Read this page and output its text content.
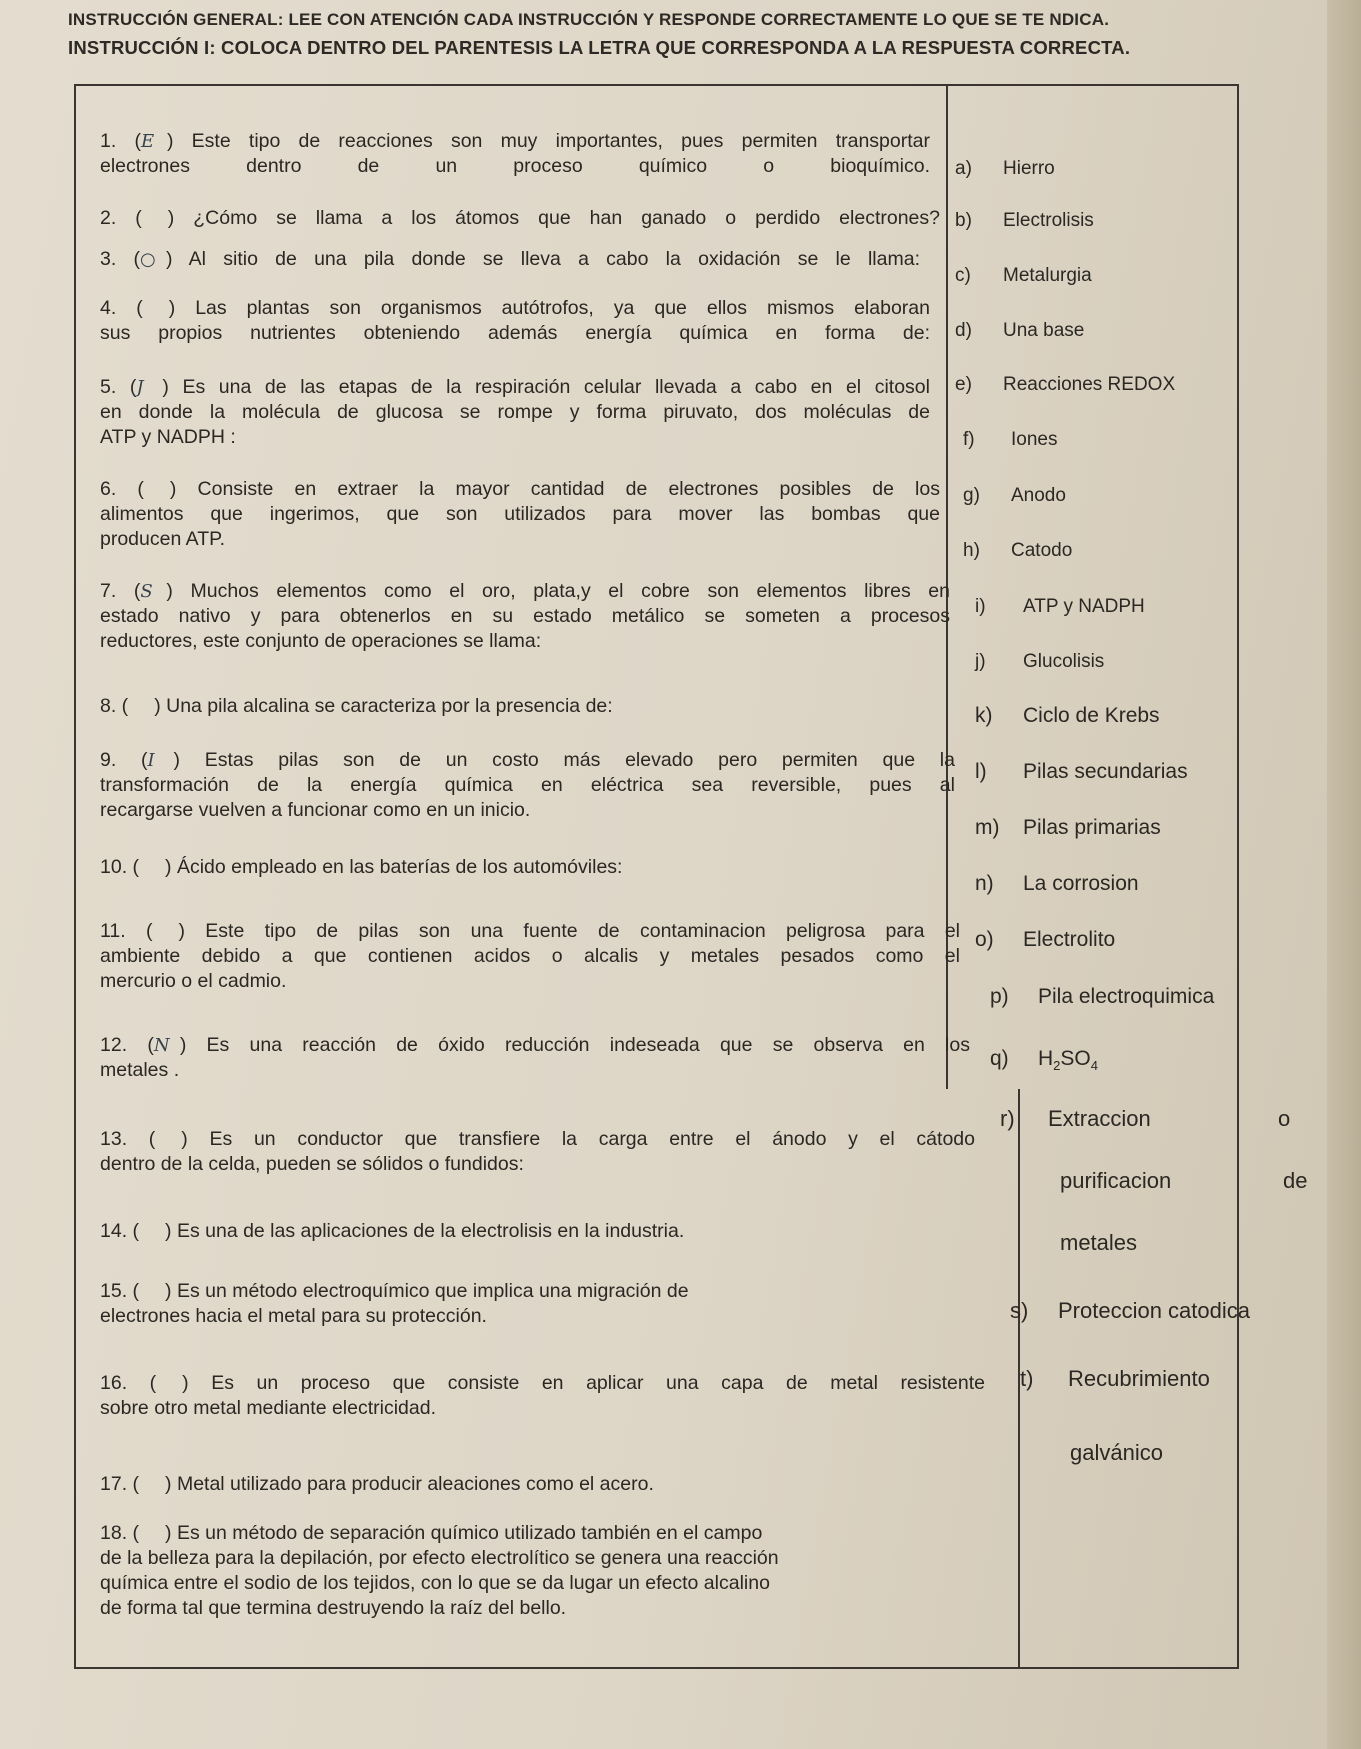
INSTRUCCIÓN GENERAL: LEE CON ATENCIÓN CADA INSTRUCCIÓN Y RESPONDE CORRECTAMENTE LO QUE SE TE NDICA.
INSTRUCCIÓN I: COLOCA DENTRO DEL PARENTESIS LA LETRA QUE CORRESPONDA A LA RESPUESTA CORRECTA.
1. (E ) Este tipo de reacciones son muy importantes, pues permiten transportar
electrones dentro de un proceso químico o bioquímico.
2. ( ) ¿Cómo se llama a los átomos que han ganado o perdido electrones?
3. (○ ) Al sitio de una pila donde se lleva a cabo la oxidación se le llama:
4. ( ) Las plantas son organismos autótrofos, ya que ellos mismos elaboran
sus propios nutrientes obteniendo además energía química en forma de:
5. (J ) Es una de las etapas de la respiración celular llevada a cabo en el citosol
en donde la molécula de glucosa se rompe y forma piruvato, dos moléculas de
ATP y NADPH :
6. ( ) Consiste en extraer la mayor cantidad de electrones posibles de los
alimentos que ingerimos, que son utilizados para mover las bombas que
producen ATP.
7. (S ) Muchos elementos como el oro, plata,y el cobre son elementos libres en
estado nativo y para obtenerlos en su estado metálico se someten a procesos
reductores, este conjunto de operaciones se llama:
8. ( ) Una pila alcalina se caracteriza por la presencia de:
9. (I ) Estas pilas son de un costo más elevado pero permiten que la
transformación de la energía química en eléctrica sea reversible, pues al
recargarse vuelven a funcionar como en un inicio.
10. ( ) Ácido empleado en las baterías de los automóviles:
11. ( ) Este tipo de pilas son una fuente de contaminacion peligrosa para el
ambiente debido a que contienen acidos o alcalis y metales pesados como el
mercurio o el cadmio.
12. (N ) Es una reacción de óxido reducción indeseada que se observa en los
metales .
13. ( ) Es un conductor que transfiere la carga entre el ánodo y el cátodo
dentro de la celda, pueden se sólidos o fundidos:
14. ( ) Es una de las aplicaciones de la electrolisis en la industria.
15. ( ) Es un método electroquímico que implica una migración de
electrones hacia el metal para su protección.
16. ( ) Es un proceso que consiste en aplicar una capa de metal resistente
sobre otro metal mediante electricidad.
17. ( ) Metal utilizado para producir aleaciones como el acero.
18. ( ) Es un método de separación químico utilizado también en el campo
de la belleza para la depilación, por efecto electrolítico se genera una reacción
química entre el sodio de los tejidos, con lo que se da lugar un efecto alcalino
de forma tal que termina destruyendo la raíz del bello.
a) Hierro
b) Electrolisis
c) Metalurgia
d) Una base
e) Reacciones REDOX
f) Iones
g) Anodo
h) Catodo
i) ATP y NADPH
j) Glucolisis
k) Ciclo de Krebs
l) Pilas secundarias
m) Pilas primarias
n) La corrosion
o) Electrolito
p) Pila electroquimica
q) $H_2SO_4$
r) Extraccion	o
purificacion	de
metales
s) Proteccion catodica
t) Recubrimiento
galvánico
